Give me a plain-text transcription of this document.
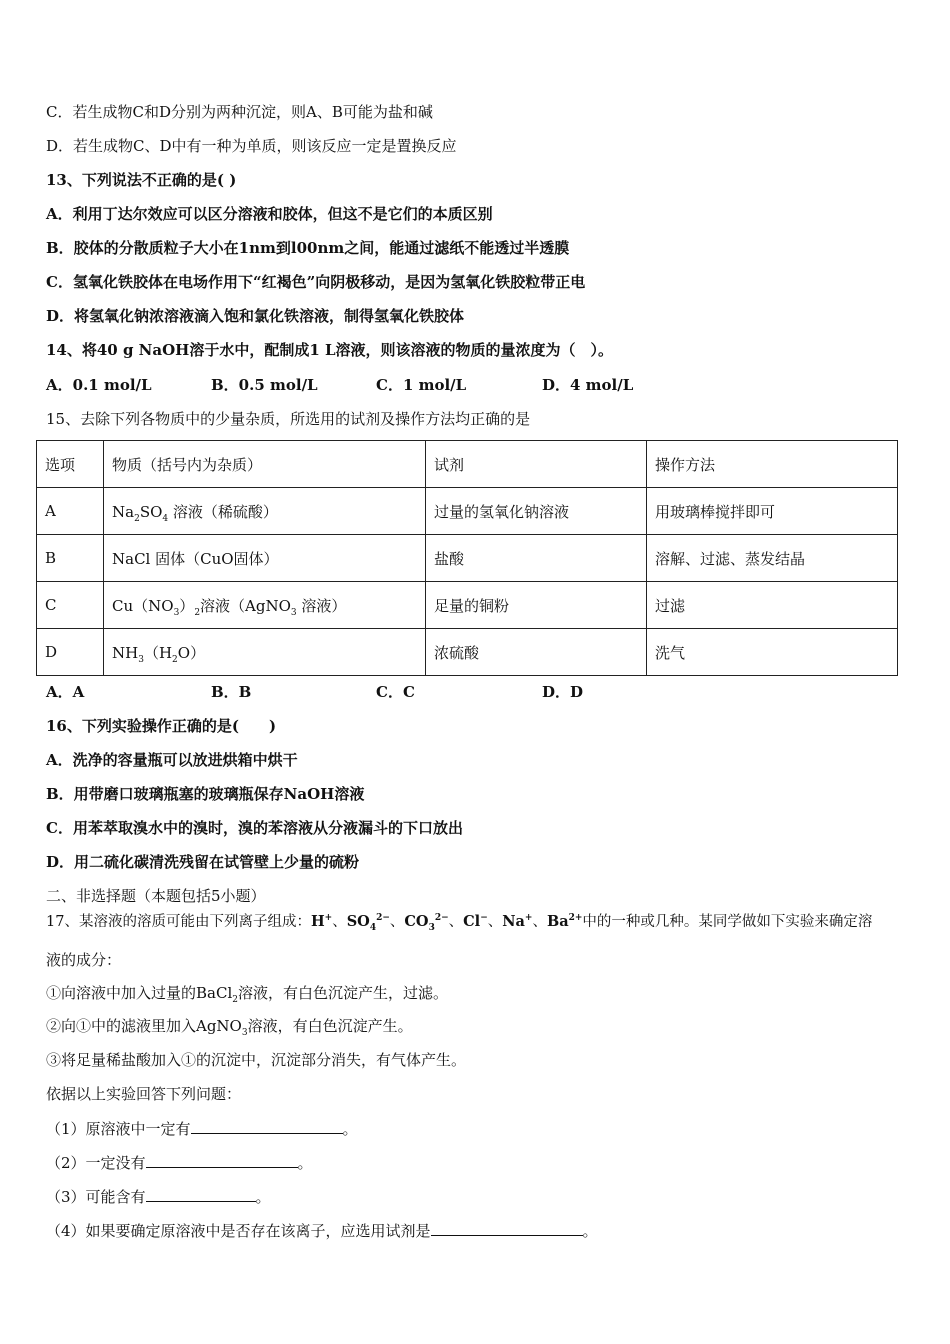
C．若生成物C和D分别为两种沉淀，则A、B可能为盐和碱
D．若生成物C、D中有一种为单质，则该反应一定是置换反应
13、下列说法不正确的是( )
A．利用丁达尔效应可以区分溶液和胶体，但这不是它们的本质区别
B．胶体的分散质粒子大小在1nm到l00nm之间，能通过滤纸不能透过半透膜
C．氢氧化铁胶体在电场作用下“红褐色”向阴极移动，是因为氢氧化铁胶粒带正电
D．将氢氧化钠浓溶液滴入饱和氯化铁溶液，制得氢氧化铁胶体
14、将40 g NaOH溶于水中，配制成1 L溶液，则该溶液的物质的量浓度为（　）。
A．0.1 mol/L	B．0.5 mol/L	C．1 mol/L	D．4 mol/L
15、去除下列各物质中的少量杂质，所选用的试剂及操作方法均正确的是
选项	物质（括号内为杂质）	试剂	操作方法
A	$Na_2SO_4$ 溶液（稀硫酸）	过量的氢氧化钠溶液	用玻璃棒搅拌即可
B	NaCl 固体（CuO固体）	盐酸	溶解、过滤、蒸发结晶
C	$Cu(NO_3)_2$溶液（AgNO$_3$ 溶液）	足量的铜粉	过滤
D	$NH_3(H_2O)$	浓硫酸	洗气
A．A	B．B	C．C	D．D
16、下列实验操作正确的是(　　)
A．洗净的容量瓶可以放进烘箱中烘干
B．用带磨口玻璃瓶塞的玻璃瓶保存NaOH溶液
C．用苯萃取溴水中的溴时，溴的苯溶液从分液漏斗的下口放出
D．用二硫化碳清洗残留在试管壁上少量的硫粉
二、非选择题（本题包括5小题）
17、某溶液的溶质可能由下列离子组成：H+、$SO_4^{2-}$、$CO_3^{2-}$、Cl−、Na+、$Ba^{2+}$中的一种或几种。某同学做如下实验来确定溶
液的成分：
①向溶液中加入过量的BaCl$_2$溶液，有白色沉淀产生，过滤。
②向①中的滤液里加入AgNO$_3$溶液，有白色沉淀产生。
③将足量稀盐酸加入①的沉淀中，沉淀部分消失，有气体产生。
依据以上实验回答下列问题：
（1）原溶液中一定有	。
（2）一定没有	。
（3）可能含有	。
（4）如果要确定原溶液中是否存在该离子，应选用试剂是	。
